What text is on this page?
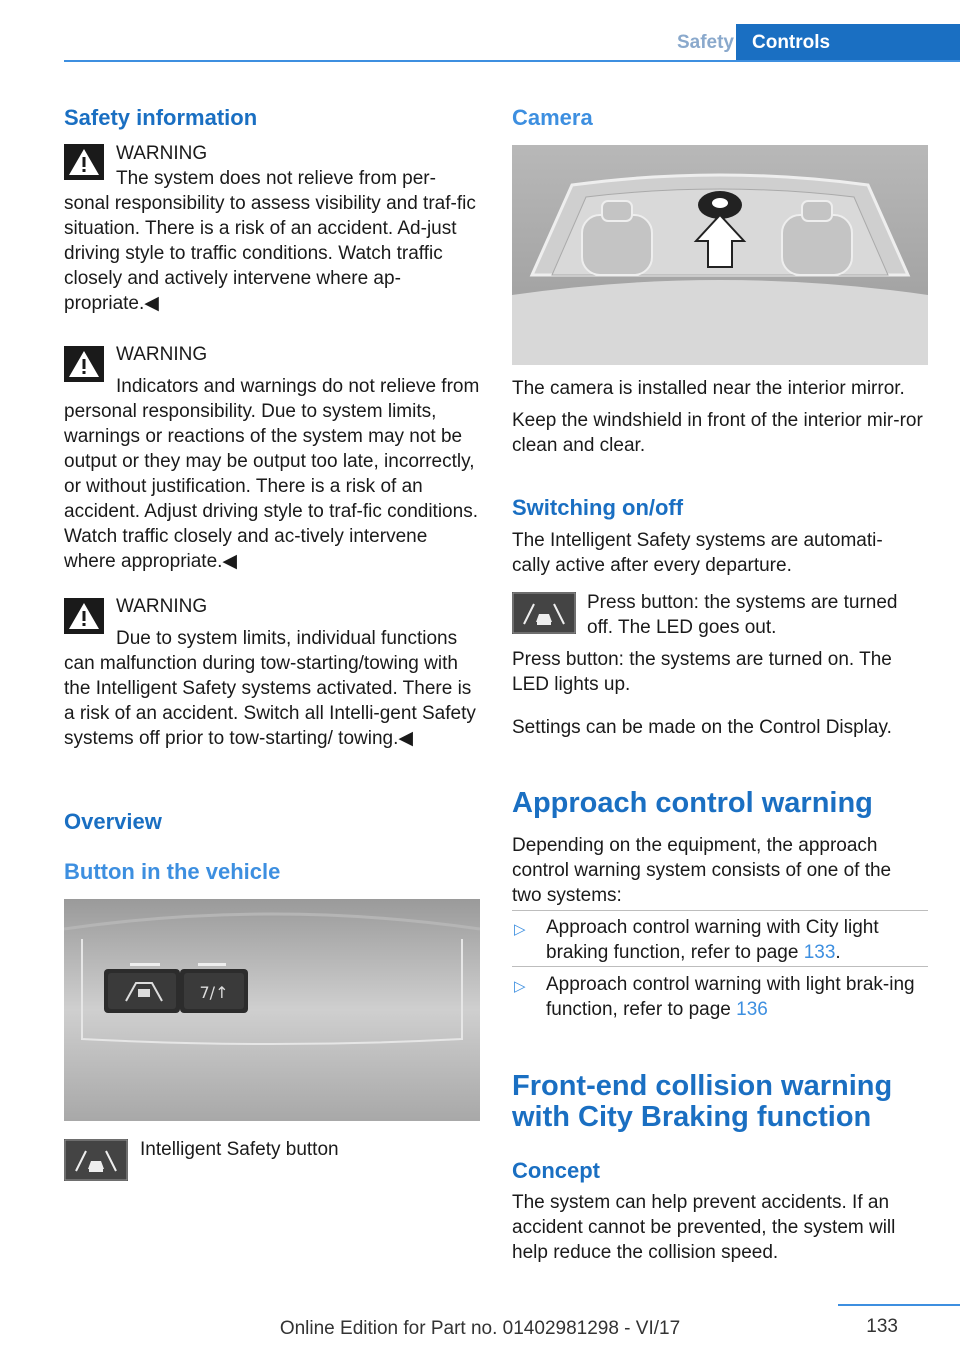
Safety Controls
Safety information

WARNING

The system does not relieve from per-sonal responsibility to assess visibility and traf-fic situation. There is a risk of an accident. Ad-just driving style to traffic conditions. Watch traffic closely and actively intervene where ap-propriate.◀

WARNING

Indicators and warnings do not relieve from personal responsibility. Due to system limits, warnings or reactions of the system may not be output or they may be output too late, incorrectly, or without justification. There is a risk of an accident. Adjust driving style to traf-fic conditions. Watch traffic closely and ac-tively intervene where appropriate.◀

WARNING

Due to system limits, individual functions can malfunction during tow-starting/towing with the Intelligent Safety systems activated. There is a risk of an accident. Switch all Intelli-gent Safety systems off prior to tow-starting/ towing.◀

Overview
Button in the vehicle
7/↑

Intelligent Safety button

Camera

The camera is installed near the interior mirror.

Keep the windshield in front of the interior mir-ror clean and clear.

Switching on/off

The Intelligent Safety systems are automati-cally active after every departure.

Press button: the systems are turned off. The LED goes out.

Press button: the systems are turned on. The LED lights up.

Settings can be made on the Control Display.

Approach control warning

Depending on the equipment, the approach control warning system consists of one of the two systems:

▷ Approach control warning with City light braking function, refer to page 133.

▷ Approach control warning with light brak-ing function, refer to page 136

Front-end collision warning with City Braking function
Concept

The system can help prevent accidents. If an accident cannot be prevented, the system will help reduce the collision speed.

133
Online Edition for Part no. 01402981298 - VI/17
